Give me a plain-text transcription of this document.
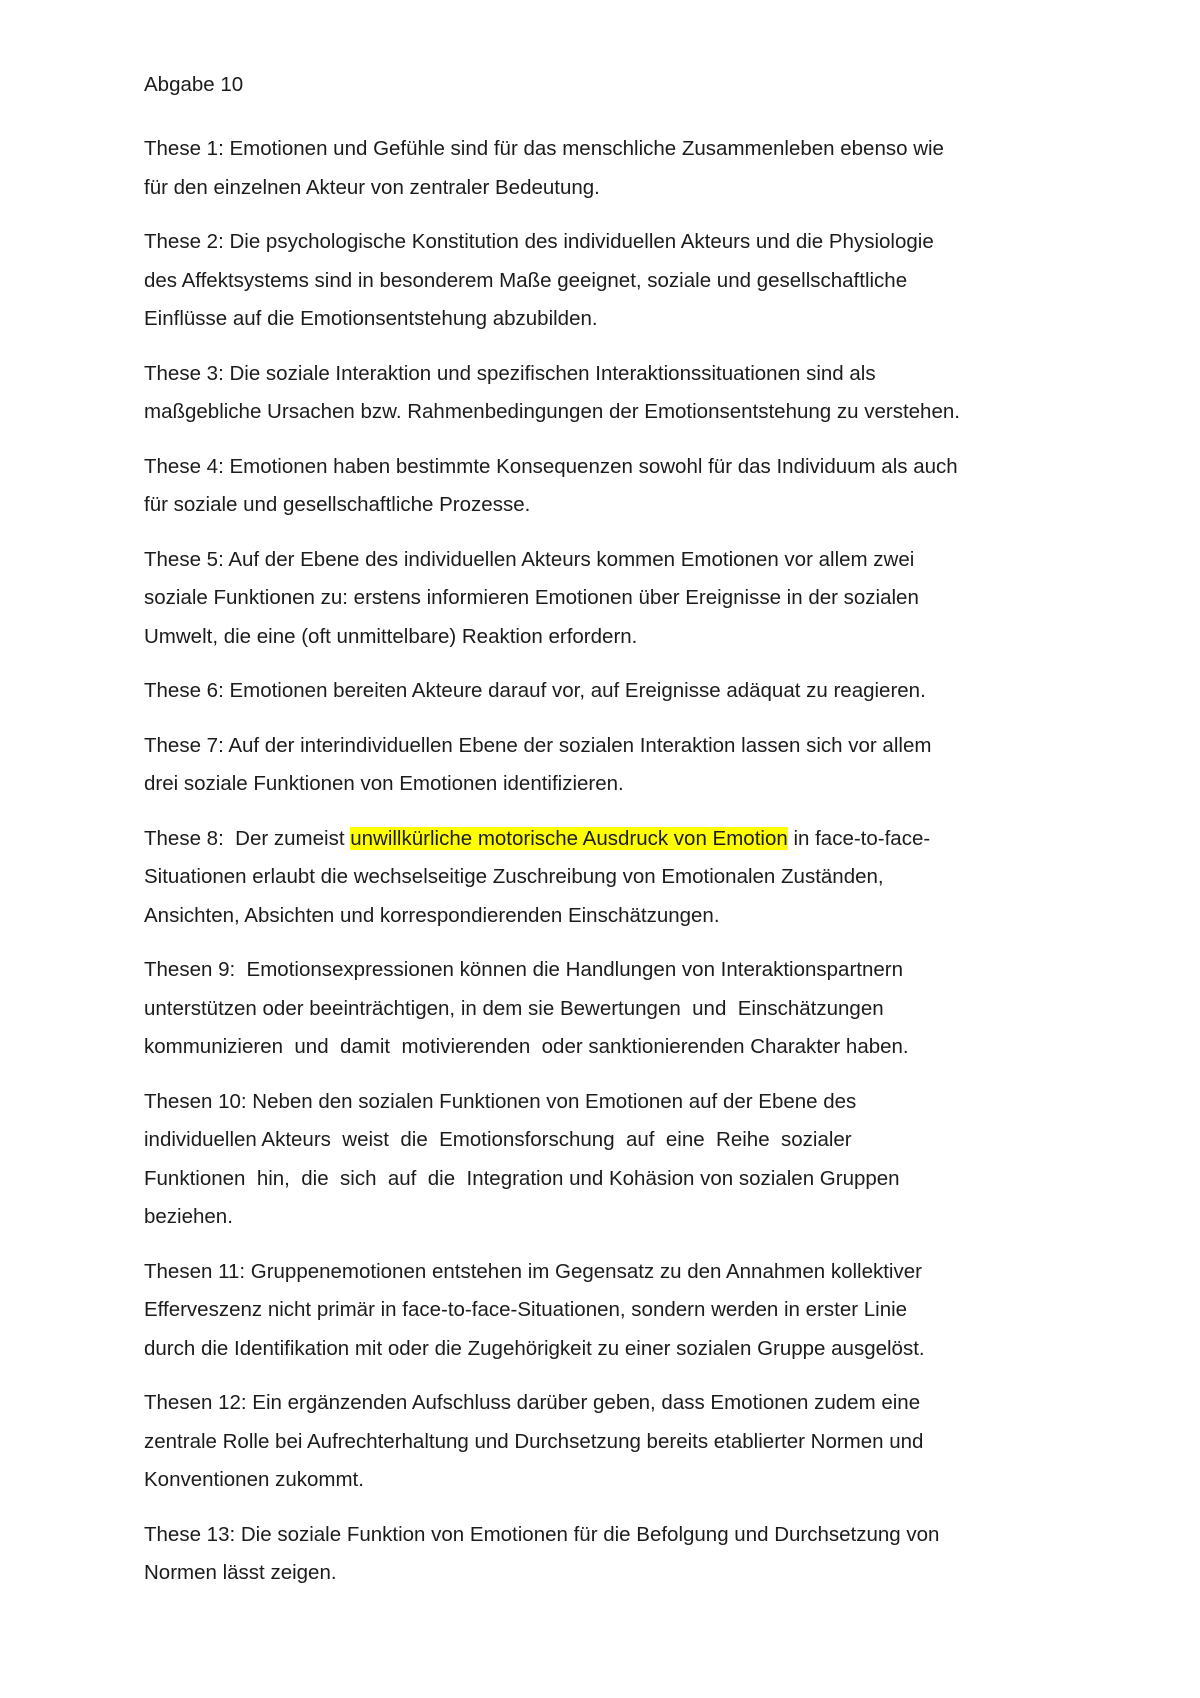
Abgabe 10
These 1: Emotionen und Gefühle sind für das menschliche Zusammenleben ebenso wie
für den einzelnen Akteur von zentraler Bedeutung.
These 2: Die psychologische Konstitution des individuellen Akteurs und die Physiologie
des Affektsystems sind in besonderem Maße geeignet, soziale und gesellschaftliche
Einflüsse auf die Emotionsentstehung abzubilden.
These 3: Die soziale Interaktion und spezifischen Interaktionssituationen sind als
maßgebliche Ursachen bzw. Rahmenbedingungen der Emotionsentstehung zu verstehen.
These 4: Emotionen haben bestimmte Konsequenzen sowohl für das Individuum als auch
für soziale und gesellschaftliche Prozesse.
These 5: Auf der Ebene des individuellen Akteurs kommen Emotionen vor allem zwei
soziale Funktionen zu: erstens informieren Emotionen über Ereignisse in der sozialen
Umwelt, die eine (oft unmittelbare) Reaktion erfordern.
These 6: Emotionen bereiten Akteure darauf vor, auf Ereignisse adäquat zu reagieren.
These 7: Auf der interindividuellen Ebene der sozialen Interaktion lassen sich vor allem
drei soziale Funktionen von Emotionen identifizieren.
These 8:  Der zumeist unwillkürliche motorische Ausdruck von Emotion in face-to-face-
Situationen erlaubt die wechselseitige Zuschreibung von Emotionalen Zuständen,
Ansichten, Absichten und korrespondierenden Einschätzungen.
Thesen 9:  Emotionsexpressionen können die Handlungen von Interaktionspartnern
unterstützen oder beeinträchtigen, in dem sie Bewertungen  und  Einschätzungen
kommunizieren  und  damit  motivierenden  oder sanktionierenden Charakter haben.
Thesen 10: Neben den sozialen Funktionen von Emotionen auf der Ebene des
individuellen Akteurs  weist  die  Emotionsforschung  auf  eine  Reihe  sozialer
Funktionen  hin,  die  sich  auf  die  Integration und Kohäsion von sozialen Gruppen
beziehen.
Thesen 11: Gruppenemotionen entstehen im Gegensatz zu den Annahmen kollektiver
Efferveszenz nicht primär in face-to-face-Situationen, sondern werden in erster Linie
durch die Identifikation mit oder die Zugehörigkeit zu einer sozialen Gruppe ausgelöst.
Thesen 12: Ein ergänzenden Aufschluss darüber geben, dass Emotionen zudem eine
zentrale Rolle bei Aufrechterhaltung und Durchsetzung bereits etablierter Normen und
Konventionen zukommt.
These 13: Die soziale Funktion von Emotionen für die Befolgung und Durchsetzung von
Normen lässt zeigen.
